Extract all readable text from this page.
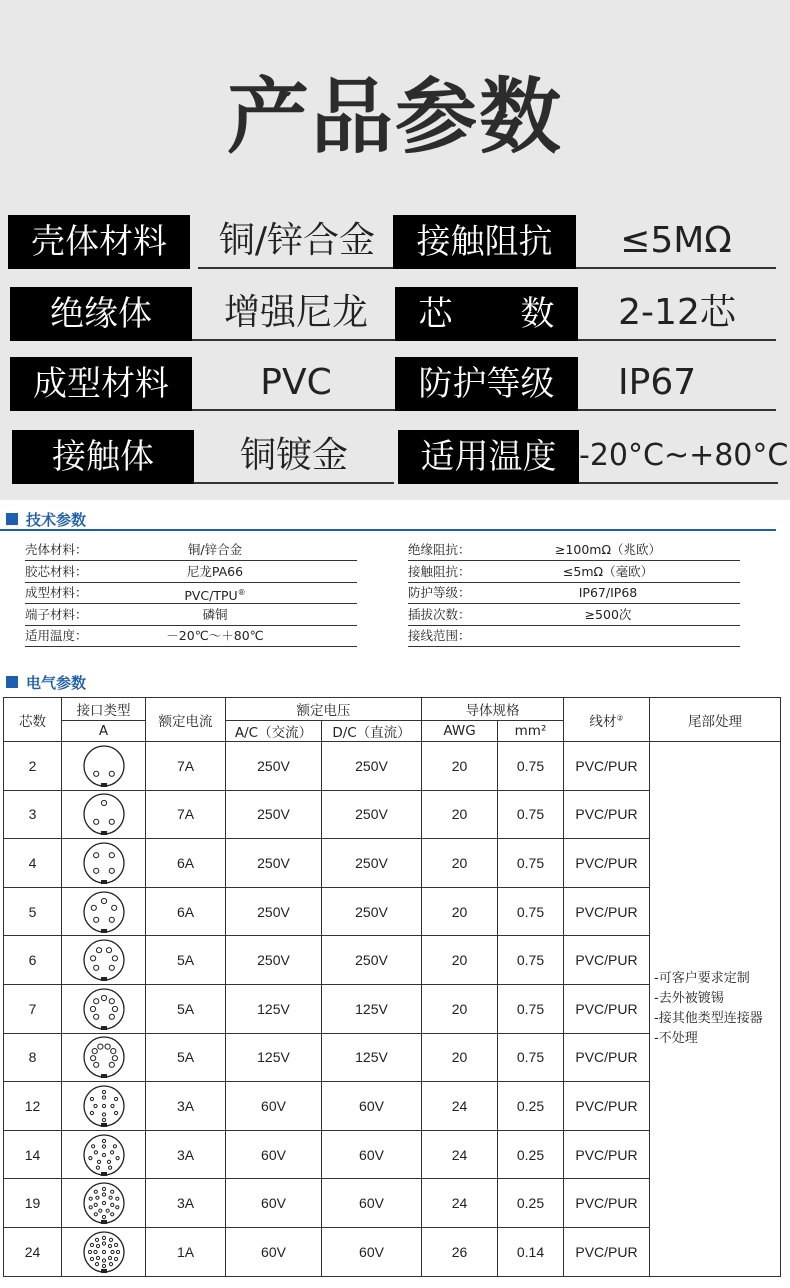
产品参数
壳体材料	铜/锌合金	接触阻抗	≤5MΩ
绝缘体	增强尼龙	芯　　数	2-12芯
成型材料	PVC	防护等级	IP67
接触体	铜镀金	适用温度 -20°C~+80°C
技术参数
壳体材料：	铜/锌合金
胶芯材料：	尼龙PA66
成型材料：	PVC/TPU®
端子材料：	磷铜
适用温度：	－20℃～＋80℃
绝缘阻抗：	≥100mΩ（兆欧）
接触阻抗：	≤5mΩ（毫欧）
防护等级：	IP67/IP68
插拔次数：	≥500次
接线范围：
电气参数
芯数	接口类型	额定电流	额定电压		导体规格		线材②	尾部处理
	A		A/C（交流）	D/C（直流）	AWG	mm²		
2		7A	250V	250V	20	0.75	PVC/PUR	-可客户要求定制
-去外被镀锡
-接其他类型连接器
-不处理

3		7A	250V	250V	20	0.75	PVC/PUR	
4		6A	250V	250V	20	0.75	PVC/PUR	
5		6A	250V	250V	20	0.75	PVC/PUR	
6		5A	250V	250V	20	0.75	PVC/PUR	
7		5A	125V	125V	20	0.75	PVC/PUR	
8		5A	125V	125V	20	0.75	PVC/PUR	
12		3A	60V	60V	24	0.25	PVC/PUR	
14		3A	60V	60V	24	0.25	PVC/PUR	
19		3A	60V	60V	24	0.25	PVC/PUR	
24		1A	60V	60V	26	0.14	PVC/PUR	
